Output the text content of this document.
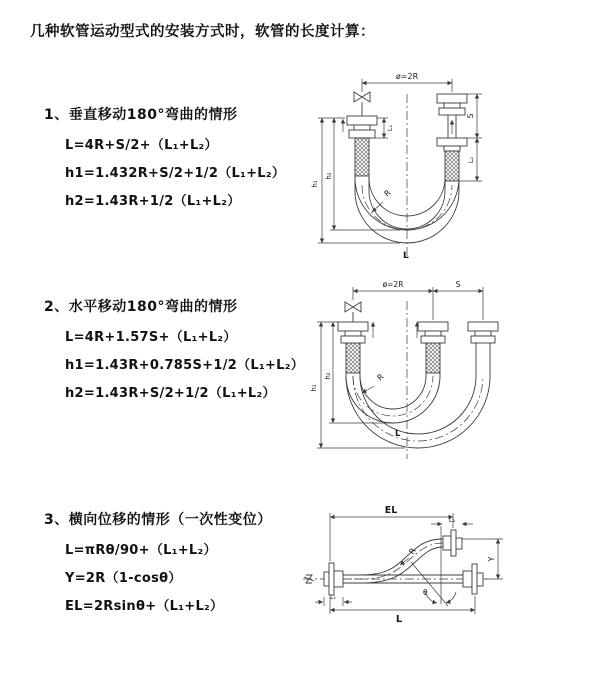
几种软管运动型式的安装方式时，软管的长度计算：
1、垂直移动180°弯曲的情形
L=4R+S/2+（L₁+L₂）
h1=1.432R+S/2+1/2（L₁+L₂）
h2=1.43R+1/2（L₁+L₂）
2、水平移动180°弯曲的情形
L=4R+1.57S+（L₁+L₂）
h1=1.43R+0.785S+1/2（L₁+L₂）
h2=1.43R+S/2+1/2（L₁+L₂）
3、横向位移的情形（一次性变位）
L=πRθ/90+（L₁+L₂）
Y=2R（1-cosθ）
EL=2Rsinθ+（L₁+L₂）
ø=2R
h₁
h₂
L₁
S
L₂
R
L
ø=2R	S
h₁
h₂	R
L
EL
L₂
Y
θ
R
L₁
L
